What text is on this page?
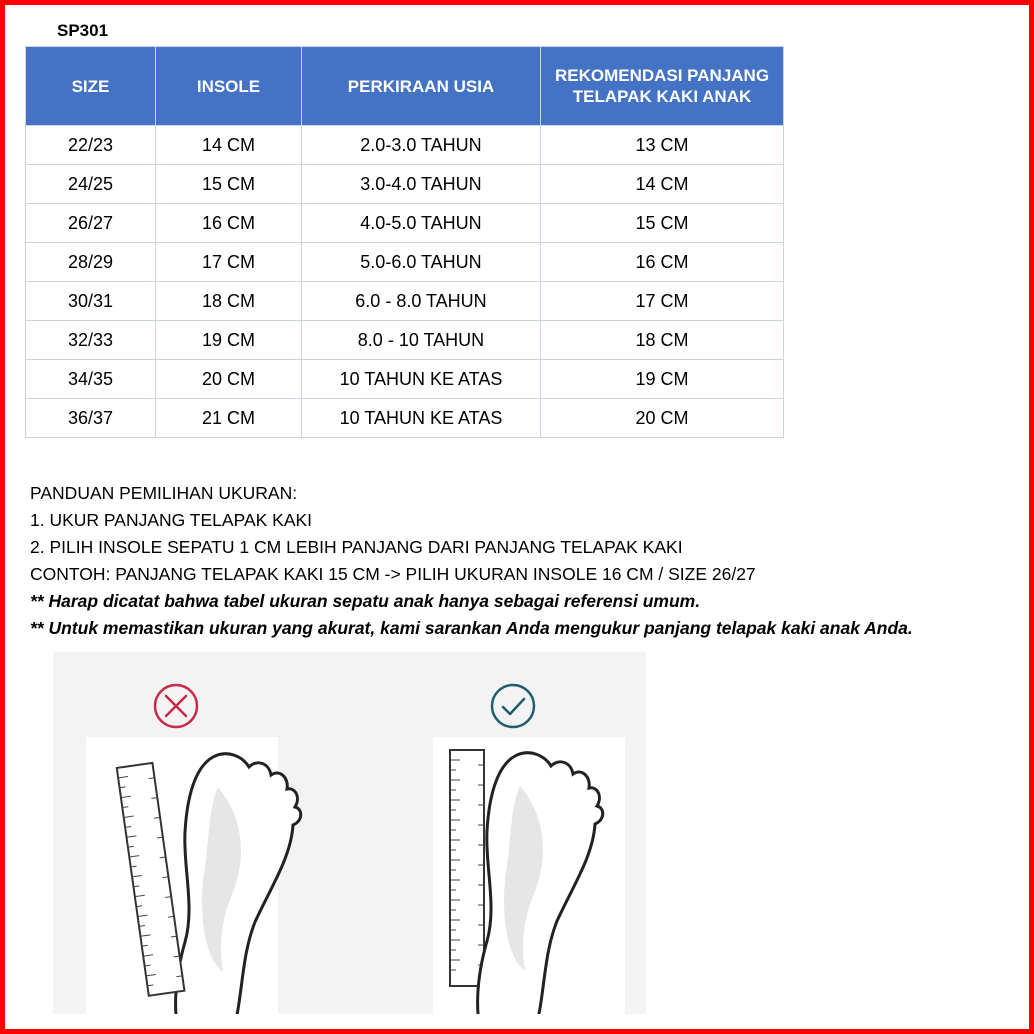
SP301
SIZE	INSOLE	PERKIRAAN USIA	REKOMENDASI PANJANG TELAPAK KAKI ANAK
22/23	14 CM	2.0-3.0 TAHUN	13 CM
24/25	15 CM	3.0-4.0 TAHUN	14 CM
26/27	16 CM	4.0-5.0 TAHUN	15 CM
28/29	17 CM	5.0-6.0 TAHUN	16 CM
30/31	18 CM	6.0 - 8.0 TAHUN	17 CM
32/33	19 CM	8.0 - 10 TAHUN	18 CM
34/35	20 CM	10 TAHUN KE ATAS	19 CM
36/37	21 CM	10 TAHUN KE ATAS	20 CM
PANDUAN PEMILIHAN UKURAN:
1. UKUR PANJANG TELAPAK KAKI
2. PILIH INSOLE SEPATU 1 CM LEBIH PANJANG DARI PANJANG TELAPAK KAKI
CONTOH: PANJANG TELAPAK KAKI 15 CM -> PILIH UKURAN INSOLE 16 CM / SIZE 26/27
** Harap dicatat bahwa tabel ukuran sepatu anak hanya sebagai referensi umum.
** Untuk memastikan ukuran yang akurat, kami sarankan Anda mengukur panjang telapak kaki anak Anda.
